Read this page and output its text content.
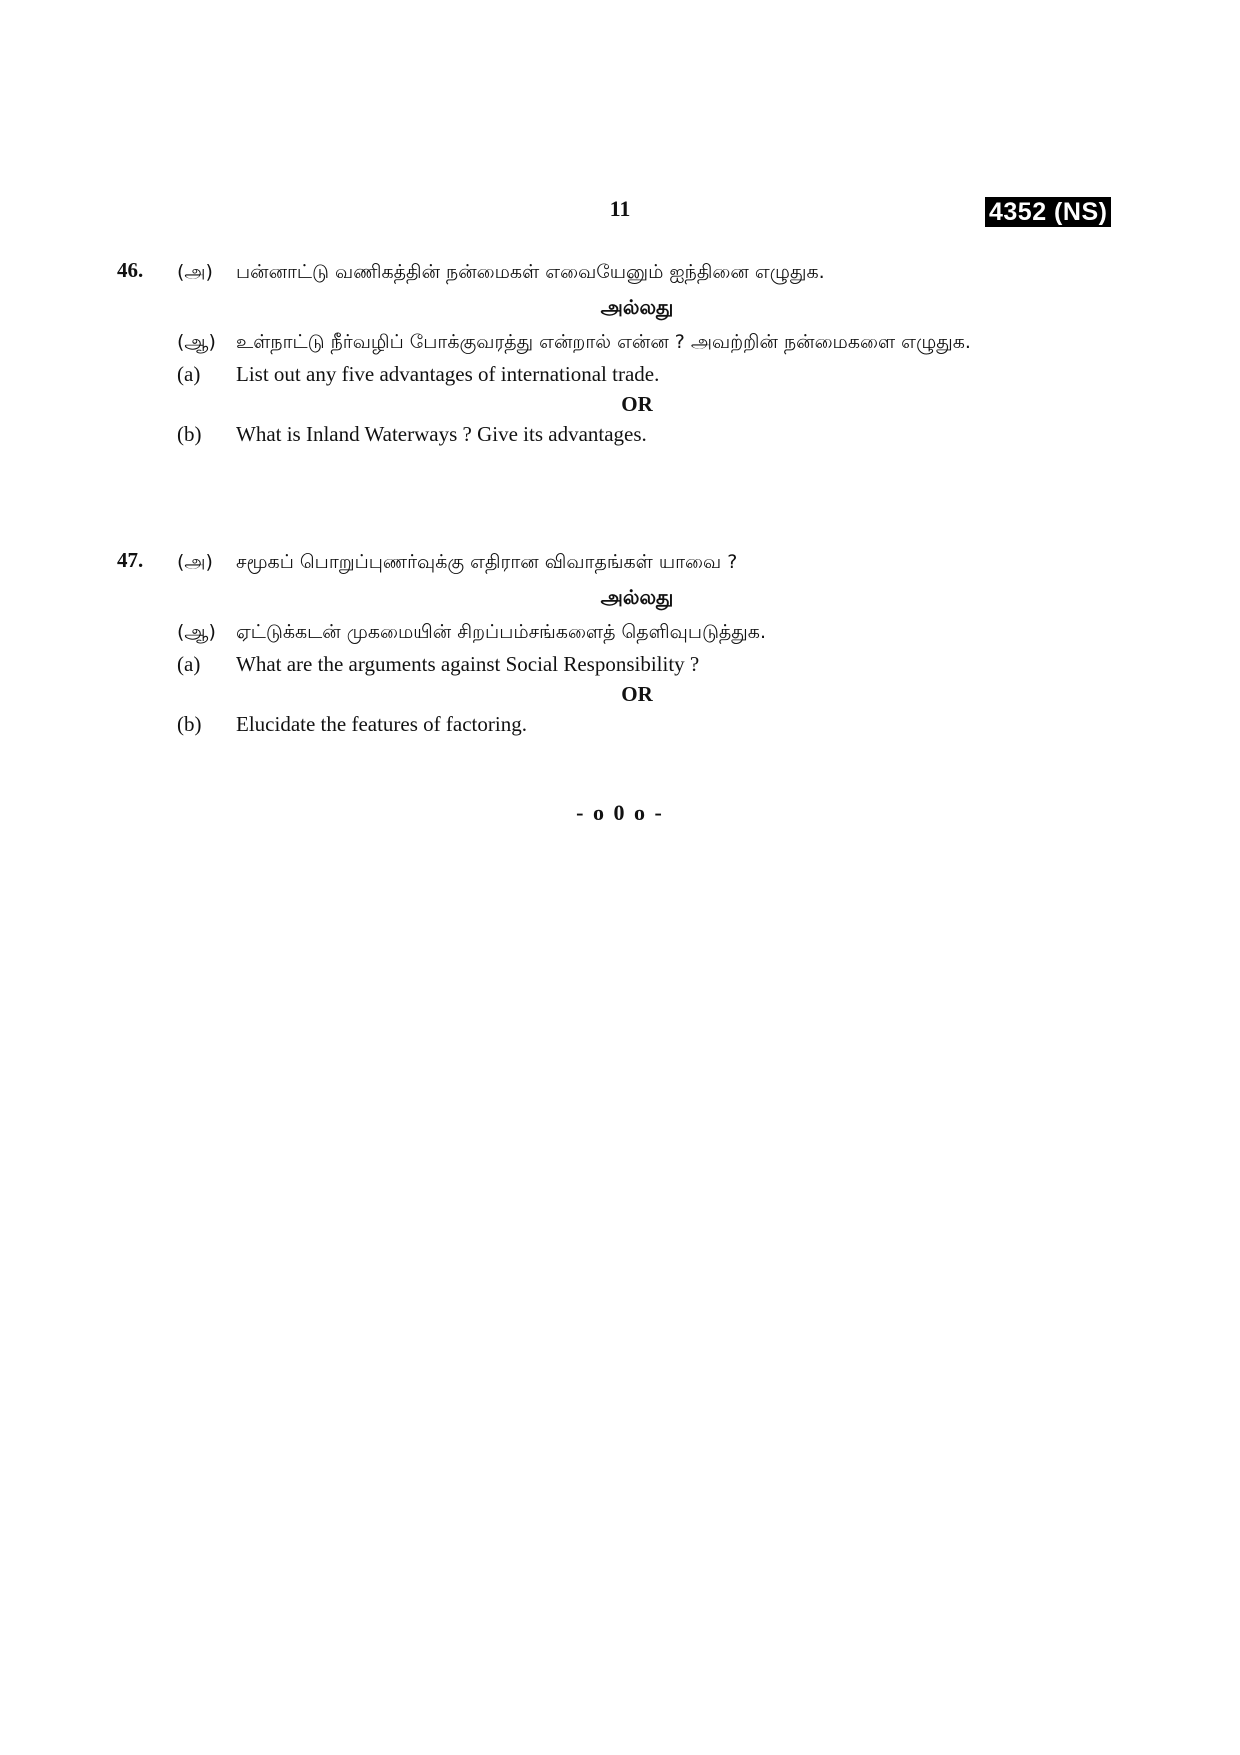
11	4352 (NS)
46. (அ)	பன்னாட்டு வணிகத்தின் நன்மைகள் எவையேனும் ஐந்தினை எழுதுக.
அல்லது
(ஆ)	உள்நாட்டு நீர்வழிப் போக்குவரத்து என்றால் என்ன ? அவற்றின் நன்மைகளை எழுதுக.
(a)	List out any five advantages of international trade.
OR
(b)	What is Inland Waterways ? Give its advantages.
47. (அ)	சமூகப் பொறுப்புணர்வுக்கு எதிரான விவாதங்கள் யாவை ?
அல்லது
(ஆ)	ஏட்டுக்கடன் முகமையின் சிறப்பம்சங்களைத் தெளிவுபடுத்துக.
(a)	What are the arguments against Social Responsibility ?
OR
(b)	Elucidate the features of factoring.
- o 0 o -
